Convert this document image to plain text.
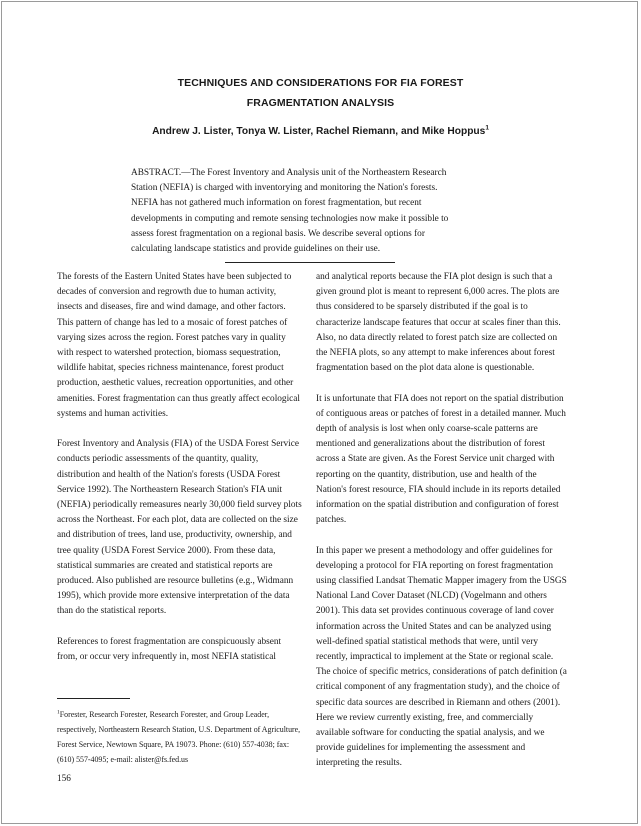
TECHNIQUES AND CONSIDERATIONS FOR FIA FOREST
FRAGMENTATION ANALYSIS
Andrew J. Lister, Tonya W. Lister, Rachel Riemann, and Mike Hoppus$^1$

ABSTRACT.—The Forest Inventory and Analysis unit of the Northeastern Research

Station (NEFIA) is charged with inventorying and monitoring the Nation's forests.

NEFIA has not gathered much information on forest fragmentation, but recent

developments in computing and remote sensing technologies now make it possible to

assess forest fragmentation on a regional basis. We describe several options for

calculating landscape statistics and provide guidelines on their use.

The forests of the Eastern United States have been subjected to decades of conversion and regrowth due to human activity, insects and diseases, fire and wind damage, and other factors. This pattern of change has led to a mosaic of forest patches of varying sizes across the region. Forest patches vary in quality with respect to watershed protection, biomass sequestration, wildlife habitat, species richness maintenance, forest product production, aesthetic values, recreation opportunities, and other amenities. Forest fragmentation can thus greatly affect ecological systems and human activities.

Forest Inventory and Analysis (FIA) of the USDA Forest Service conducts periodic assessments of the quantity, quality, distribution and health of the Nation's forests (USDA Forest Service 1992). The Northeastern Research Station's FIA unit (NEFIA) periodically remeasures nearly 30,000 field survey plots across the Northeast. For each plot, data are collected on the size and distribution of trees, land use, productivity, ownership, and tree quality (USDA Forest Service 2000). From these data, statistical summaries are created and statistical reports are produced. Also published are resource bulletins (e.g., Widmann 1995), which provide more extensive interpretation of the data than do the statistical reports.

References to forest fragmentation are conspicuously absent from, or occur very infrequently in, most NEFIA statistical

and analytical reports because the FIA plot design is such that a given ground plot is meant to represent 6,000 acres. The plots are thus considered to be sparsely distributed if the goal is to characterize landscape features that occur at scales finer than this. Also, no data directly related to forest patch size are collected on the NEFIA plots, so any attempt to make inferences about forest fragmentation based on the plot data alone is questionable.

It is unfortunate that FIA does not report on the spatial distribution of contiguous areas or patches of forest in a detailed manner. Much depth of analysis is lost when only coarse-scale patterns are mentioned and generalizations about the distribution of forest across a State are given. As the Forest Service unit charged with reporting on the quantity, distribution, use and health of the Nation's forest resource, FIA should include in its reports detailed information on the spatial distribution and configuration of forest patches.

In this paper we present a methodology and offer guidelines for developing a protocol for FIA reporting on forest fragmentation using classified Landsat Thematic Mapper imagery from the USGS National Land Cover Dataset (NLCD) (Vogelmann and others 2001). This data set provides continuous coverage of land cover information across the United States and can be analyzed using well-defined spatial statistical methods that were, until very recently, impractical to implement at the State or regional scale. The choice of specific metrics, considerations of patch definition (a critical component of any fragmentation study), and the choice of specific data sources are described in Riemann and others (2001). Here we review currently existing, free, and commercially available software for conducting the spatial analysis, and we provide guidelines for implementing the assessment and interpreting the results.

$^1$Forester, Research Forester, Research Forester, and Group Leader, respectively, Northeastern Research Station, U.S. Department of Agriculture, Forest Service, Newtown Square, PA 19073. Phone: (610) 557-4038; fax: (610) 557-4095; e-mail: alister@fs.fed.us
156
